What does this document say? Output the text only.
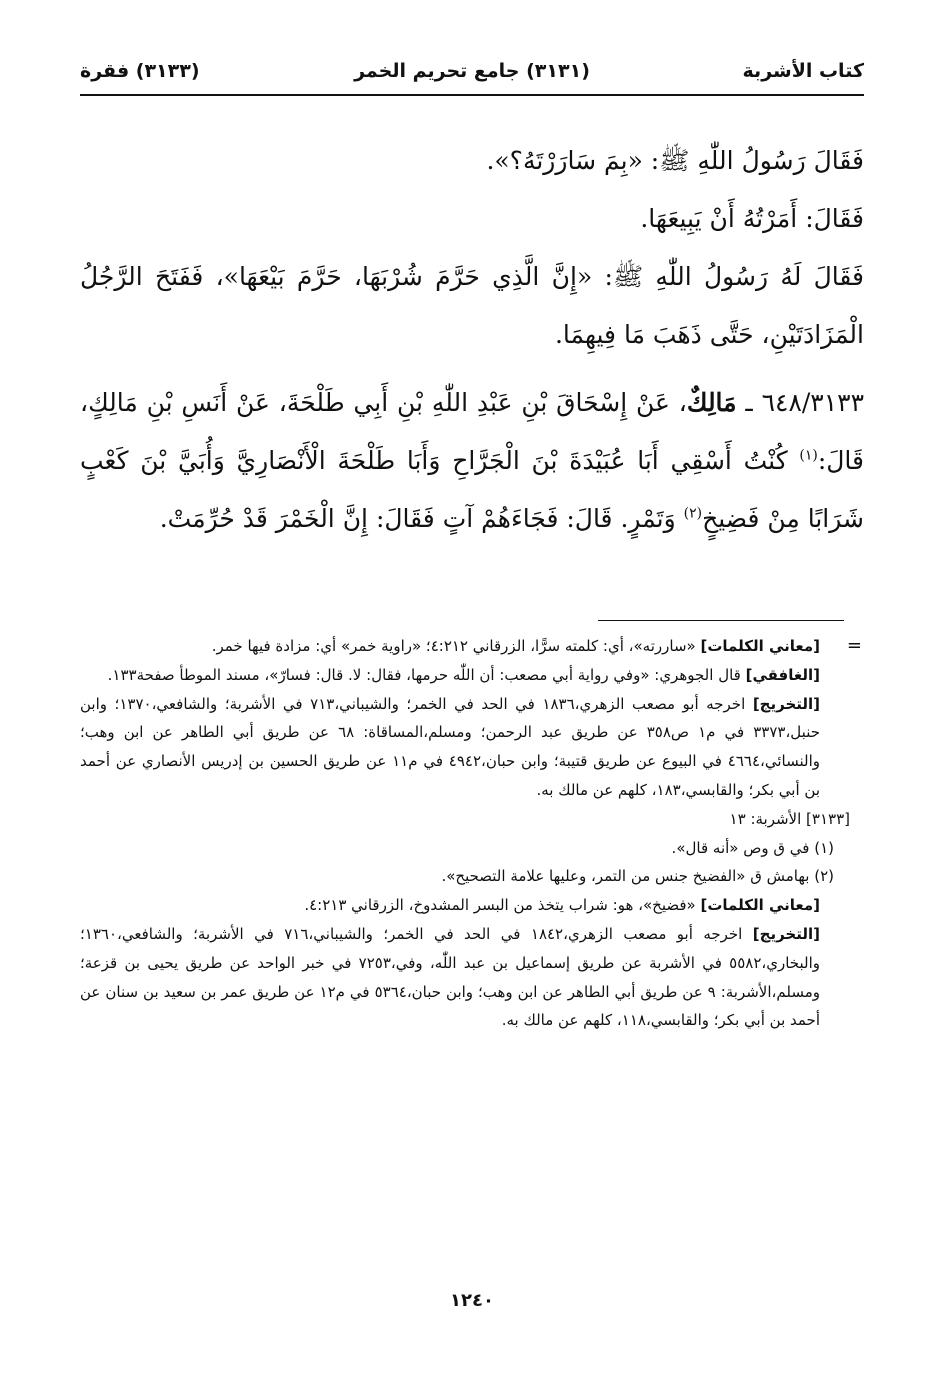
كتاب الأشربة
(٣١٣١) جامع تحريم الخمر
(٣١٣٣) فقرة

فَقَالَ رَسُولُ اللّٰهِ ﷺ: «بِمَ سَارَرْتَهُ؟».

فَقَالَ: أَمَرْتُهُ أَنْ يَبِيعَهَا.

فَقَالَ لَهُ رَسُولُ اللّٰهِ ﷺ: «إِنَّ الَّذِي حَرَّمَ شُرْبَهَا، حَرَّمَ بَيْعَهَا»، فَفَتَحَ الرَّجُلُ الْمَزَادَتَيْنِ، حَتَّى ذَهَبَ مَا فِيهِمَا.

٦٤٨/٣١٣٣ ـ مَالِكٌ، عَنْ إِسْحَاقَ بْنِ عَبْدِ اللّٰهِ بْنِ أَبِي طَلْحَةَ، عَنْ أَنَسِ بْنِ مَالِكٍ، قَالَ:$^{(١)}$ كُنْتُ أَسْقِي أَبَا عُبَيْدَةَ بْنَ الْجَرَّاحِ وَأَبَا طَلْحَةَ الْأَنْصَارِيَّ وَأُبَيَّ بْنَ كَعْبٍ شَرَابًا مِنْ فَضِيخٍ$^{(٢)}$ وَتَمْرٍ. قَالَ: فَجَاءَهُمْ آتٍ فَقَالَ: إِنَّ الْخَمْرَ قَدْ حُرِّمَتْ.

=

[معاني الكلمات] «ساررته»، أي: كلمته سرًّا، الزرقاني ٤:٢١٢؛ «راوية خمر» أي: مزادة فيها خمر.

[الغافقي] قال الجوهري: «وفي رواية أبي مصعب: أن اللّٰه حرمها، فقال: لا. قال: فسارّ»، مسند الموطأ صفحة١٣٣.

[التخريج] اخرجه أبو مصعب الزهري،١٨٣٦ في الحد في الخمر؛ والشيباني،٧١٣ في الأشربة؛ والشافعي،١٣٧٠؛ وابن حنبل،٣٣٧٣ في م١ ص٣٥٨ عن طريق عبد الرحمن؛ ومسلم،المساقاة: ٦٨ عن طريق أبي الطاهر عن ابن وهب؛ والنسائي،٤٦٦٤ في البيوع عن طريق قتيبة؛ وابن حبان،٤٩٤٢ في م١١ عن طريق الحسين بن إدريس الأنصاري عن أحمد بن أبي بكر؛ والقابسي،١٨٣، كلهم عن مالك به.

[٣١٣٣] الأشربة: ١٣

(١) في ق وص «أنه قال».

(٢) بهامش ق «الفضيخ جنس من التمر، وعليها علامة التصحيح».

[معاني الكلمات] «فضيخ»، هو: شراب يتخذ من البسر المشدوخ، الزرقاني ٤:٢١٣.

[التخريج] اخرجه أبو مصعب الزهري،١٨٤٢ في الحد في الخمر؛ والشيباني،٧١٦ في الأشربة؛ والشافعي،١٣٦٠؛ والبخاري،٥٥٨٢ في الأشربة عن طريق إسماعيل بن عبد اللّٰه، وفي،٧٢٥٣ في خبر الواحد عن طريق يحيى بن قزعة؛ ومسلم،الأشربة: ٩ عن طريق أبي الطاهر عن ابن وهب؛ وابن حبان،٥٣٦٤ في م١٢ عن طريق عمر بن سعيد بن سنان عن أحمد بن أبي بكر؛ والقابسي،١١٨، كلهم عن مالك به.

١٢٤٠
